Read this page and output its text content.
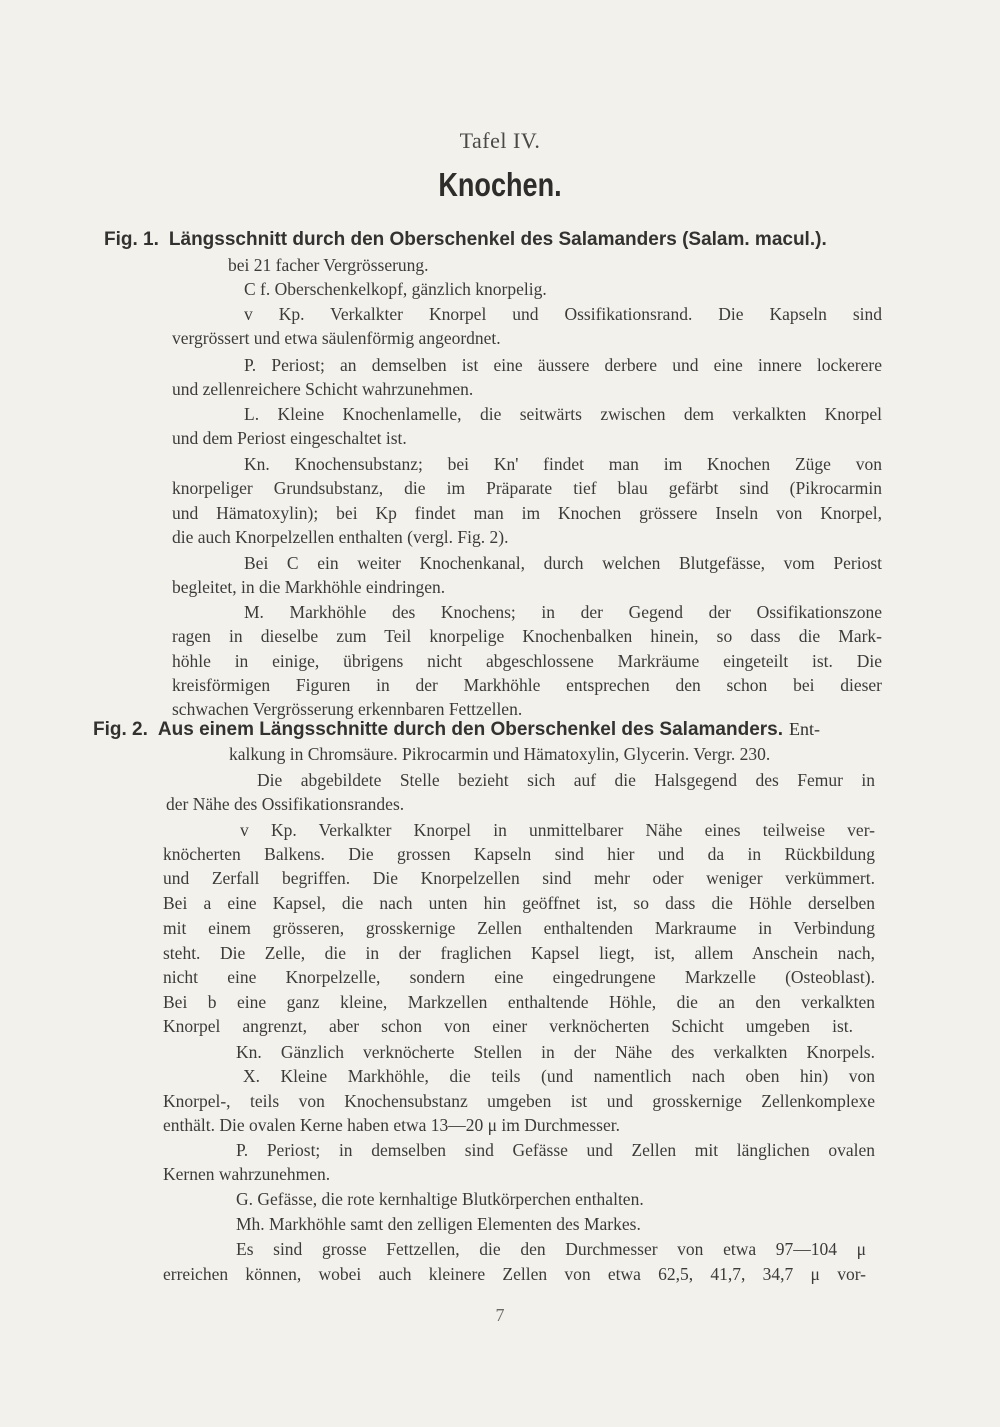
Tafel IV.
Knochen.
Fig. 1. Längsschnitt durch den Oberschenkel des Salamanders (Salam. macul.).
bei 21 facher Vergrösserung.
C f. Oberschenkelkopf, gänzlich knorpelig.
v Kp. Verkalkter Knorpel und Ossifikationsrand. Die Kapseln sind
vergrössert und etwa säulenförmig angeordnet.
P. Periost; an demselben ist eine äussere derbere und eine innere lockerere
und zellenreichere Schicht wahrzunehmen.
L. Kleine Knochenlamelle, die seitwärts zwischen dem verkalkten Knorpel
und dem Periost eingeschaltet ist.
Kn. Knochensubstanz; bei Kn' findet man im Knochen Züge von
knorpeliger Grundsubstanz, die im Präparate tief blau gefärbt sind (Pikrocarmin
und Hämatoxylin); bei Kp findet man im Knochen grössere Inseln von Knorpel,
die auch Knorpelzellen enthalten (vergl. Fig. 2).
Bei C ein weiter Knochenkanal, durch welchen Blutgefässe, vom Periost
begleitet, in die Markhöhle eindringen.
M. Markhöhle des Knochens; in der Gegend der Ossifikationszone
ragen in dieselbe zum Teil knorpelige Knochenbalken hinein, so dass die Mark-
höhle in einige, übrigens nicht abgeschlossene Markräume eingeteilt ist. Die
kreisförmigen Figuren in der Markhöhle entsprechen den schon bei dieser
schwachen Vergrösserung erkennbaren Fettzellen.
Fig. 2. Aus einem Längsschnitte durch den Oberschenkel des Salamanders. Ent-
kalkung in Chromsäure. Pikrocarmin und Hämatoxylin, Glycerin. Vergr. 230.
Die abgebildete Stelle bezieht sich auf die Halsgegend des Femur in
der Nähe des Ossifikationsrandes.
v Kp. Verkalkter Knorpel in unmittelbarer Nähe eines teilweise ver-
knöcherten Balkens. Die grossen Kapseln sind hier und da in Rückbildung
und Zerfall begriffen. Die Knorpelzellen sind mehr oder weniger verkümmert.
Bei a eine Kapsel, die nach unten hin geöffnet ist, so dass die Höhle derselben
mit einem grösseren, grosskernige Zellen enthaltenden Markraume in Verbindung
steht. Die Zelle, die in der fraglichen Kapsel liegt, ist, allem Anschein nach,
nicht eine Knorpelzelle, sondern eine eingedrungene Markzelle (Osteoblast).
Bei b eine ganz kleine, Markzellen enthaltende Höhle, die an den verkalkten
Knorpel angrenzt, aber schon von einer verknöcherten Schicht umgeben ist.
Kn. Gänzlich verknöcherte Stellen in der Nähe des verkalkten Knorpels.
X. Kleine Markhöhle, die teils (und namentlich nach oben hin) von
Knorpel-, teils von Knochensubstanz umgeben ist und grosskernige Zellenkomplexe
enthält. Die ovalen Kerne haben etwa 13—20 μ im Durchmesser.
P. Periost; in demselben sind Gefässe und Zellen mit länglichen ovalen
Kernen wahrzunehmen.
G. Gefässe, die rote kernhaltige Blutkörperchen enthalten.
Mh. Markhöhle samt den zelligen Elementen des Markes.
Es sind grosse Fettzellen, die den Durchmesser von etwa 97—104 μ
erreichen können, wobei auch kleinere Zellen von etwa 62,5, 41,7, 34,7 μ vor-
7
